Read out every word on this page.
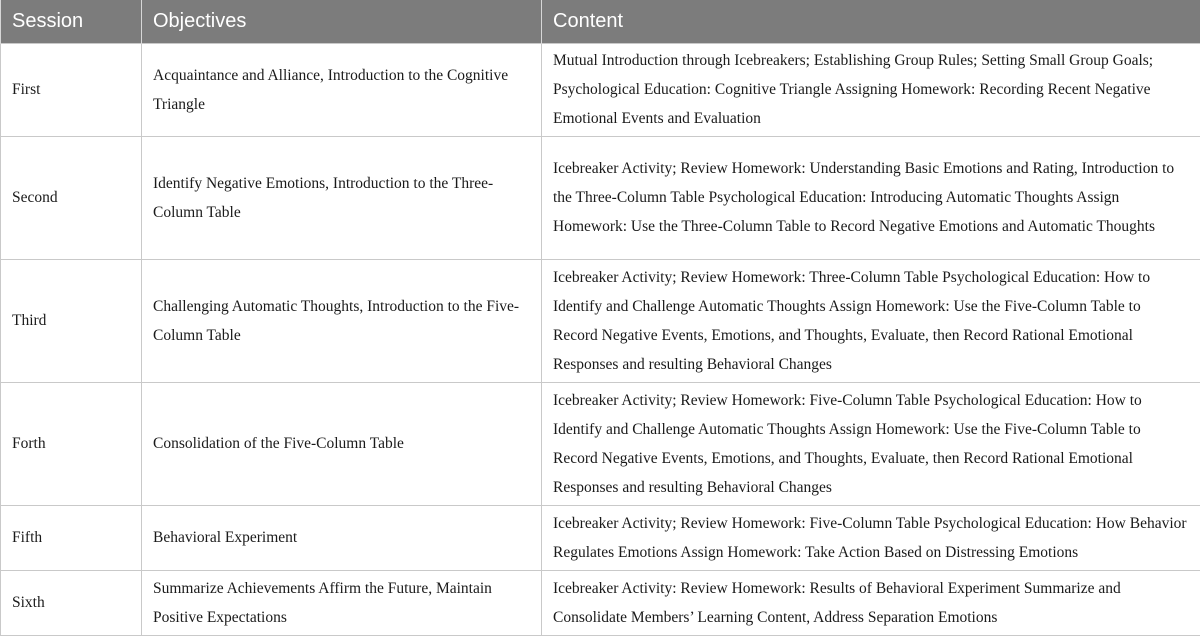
Session	Objectives	Content
First	Acquaintance and Alliance, Introduction to the Cognitive Triangle	Mutual Introduction through Icebreakers; Establishing Group Rules; Setting Small Group Goals; Psychological Education: Cognitive Triangle Assigning Homework: Recording Recent Negative Emotional Events and Evaluation
Second	Identify Negative Emotions, Introduction to the Three-Column Table	Icebreaker Activity; Review Homework: Understanding Basic Emotions and Rating, Introduction to the Three-Column Table Psychological Education: Introducing Automatic Thoughts Assign Homework: Use the Three-Column Table to Record Negative Emotions and Automatic Thoughts
Third	Challenging Automatic Thoughts, Introduction to the Five-Column Table	Icebreaker Activity; Review Homework: Three-Column Table Psychological Education: How to Identify and Challenge Automatic Thoughts Assign Homework: Use the Five-Column Table to Record Negative Events, Emotions, and Thoughts, Evaluate, then Record Rational Emotional Responses and resulting Behavioral Changes
Forth	Consolidation of the Five-Column Table	Icebreaker Activity; Review Homework: Five-Column Table Psychological Education: How to Identify and Challenge Automatic Thoughts Assign Homework: Use the Five-Column Table to Record Negative Events, Emotions, and Thoughts, Evaluate, then Record Rational Emotional Responses and resulting Behavioral Changes
Fifth	Behavioral Experiment	Icebreaker Activity; Review Homework: Five-Column Table Psychological Education: How Behavior Regulates Emotions Assign Homework: Take Action Based on Distressing Emotions
Sixth	Summarize Achievements Affirm the Future, Maintain Positive Expectations	Icebreaker Activity: Review Homework: Results of Behavioral Experiment Summarize and Consolidate Members’ Learning Content, Address Separation Emotions
